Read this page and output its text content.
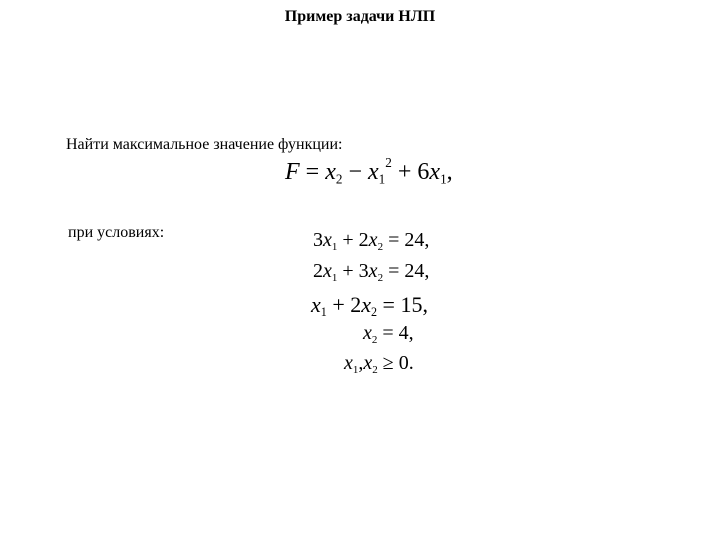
Пример задачи НЛП
Найти максимальное значение функции:
$F = x_2 - x_1^2 + 6x_1$,
при условиях:	$3x_1 + 2x_2 = 24$,
$2x_1 + 3x_2 = 24$,
$x_1 + 2x_2 = 15$,
$x_2 = 4$,
$x_1,x_2 \ge 0$.
